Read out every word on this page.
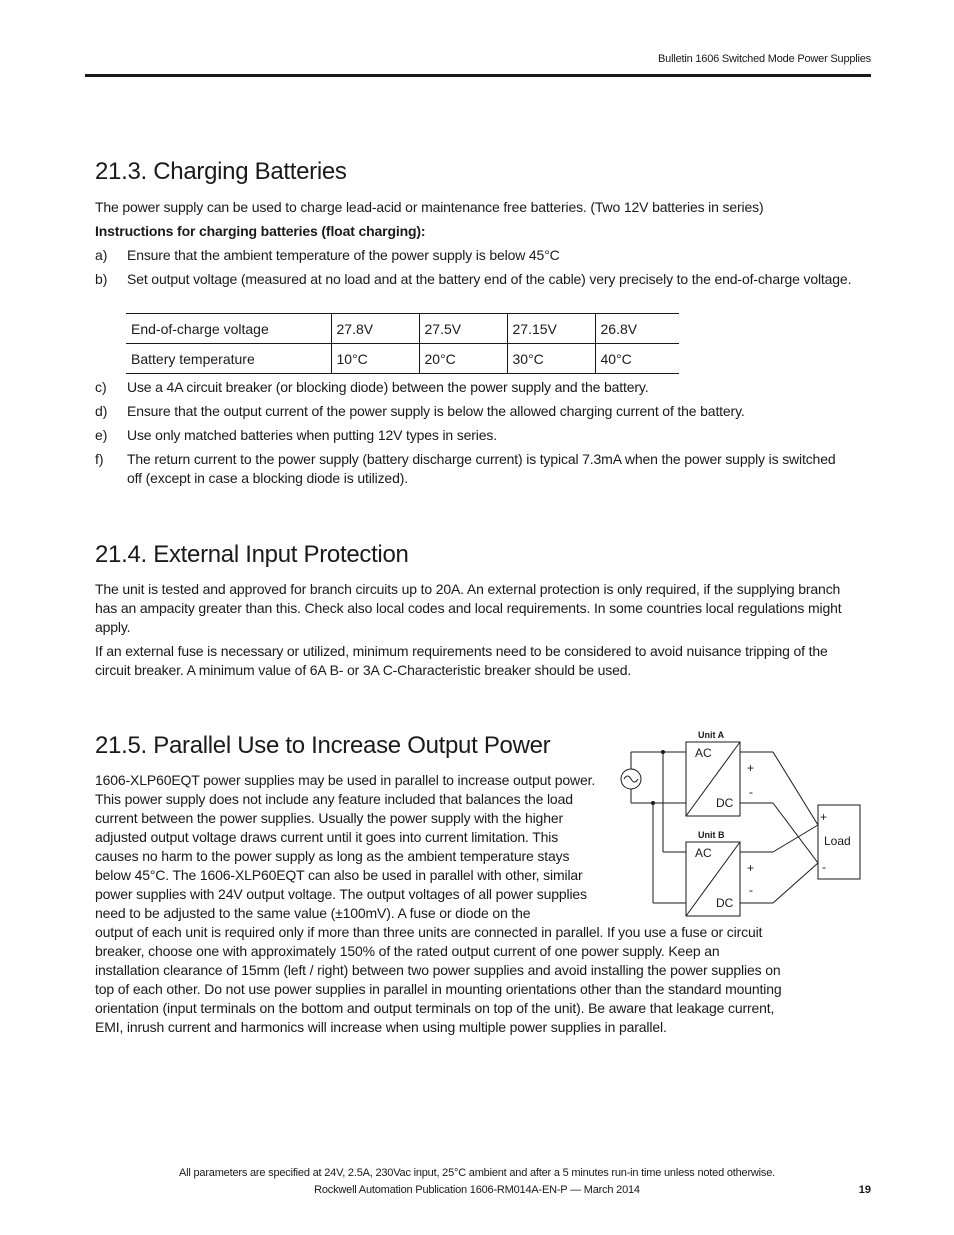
Bulletin 1606 Switched Mode Power Supplies
21.3. Charging Batteries
The power supply can be used to charge lead-acid or maintenance free batteries. (Two 12V batteries in series)
Instructions for charging batteries (float charging):
a)	Ensure that the ambient temperature of the power supply is below 45°C
b)	Set output voltage (measured at no load and at the battery end of the cable) very precisely to the end-of-charge voltage.
End-of-charge voltage	27.8V	27.5V	27.15V	26.8V
Battery temperature	10°C	20°C	30°C	40°C
c)	Use a 4A circuit breaker (or blocking diode) between the power supply and the battery.
d)	Ensure that the output current of the power supply is below the allowed charging current of the battery.
e)	Use only matched batteries when putting 12V types in series.
f)	The return current to the power supply (battery discharge current) is typical 7.3mA when the power supply is switched off (except in case a blocking diode is utilized).
21.4. External Input Protection
The unit is tested and approved for branch circuits up to 20A. An external protection is only required, if the supplying branch has an ampacity greater than this. Check also local codes and local requirements. In some countries local regulations might apply.
If an external fuse is necessary or utilized, minimum requirements need to be considered to avoid nuisance tripping of the circuit breaker. A minimum value of 6A B- or 3A C-Characteristic breaker should be used.
21.5. Parallel Use to Increase Output Power
1606-XLP60EQT power supplies may be used in parallel to increase output power.
This power supply does not include any feature included that balances the load
current between the power supplies. Usually the power supply with the higher
adjusted output voltage draws current until it goes into current limitation. This
causes no harm to the power supply as long as the ambient temperature stays
below 45°C. The 1606-XLP60EQT can also be used in parallel with other, similar
power supplies with 24V output voltage. The output voltages of all power supplies
need to be adjusted to the same value (±100mV). A fuse or diode on the
output of each unit is required only if more than three units are connected in parallel. If you use a fuse or circuit
breaker, choose one with approximately 150% of the rated output current of one power supply. Keep an
installation clearance of 15mm (left / right) between two power supplies and avoid installing the power supplies on
top of each other. Do not use power supplies in parallel in mounting orientations other than the standard mounting
orientation (input terminals on the bottom and output terminals on top of the unit). Be aware that leakage current,
EMI, inrush current and harmonics will increase when using multiple power supplies in parallel.
Unit A
Unit B
AC
DC
AC
DC
+
-
+
-
+
-
Load
All parameters are specified at 24V, 2.5A, 230Vac input, 25°C ambient and after a 5 minutes run-in time unless noted otherwise.
Rockwell Automation Publication 1606-RM014A-EN-P — March 2014	19
